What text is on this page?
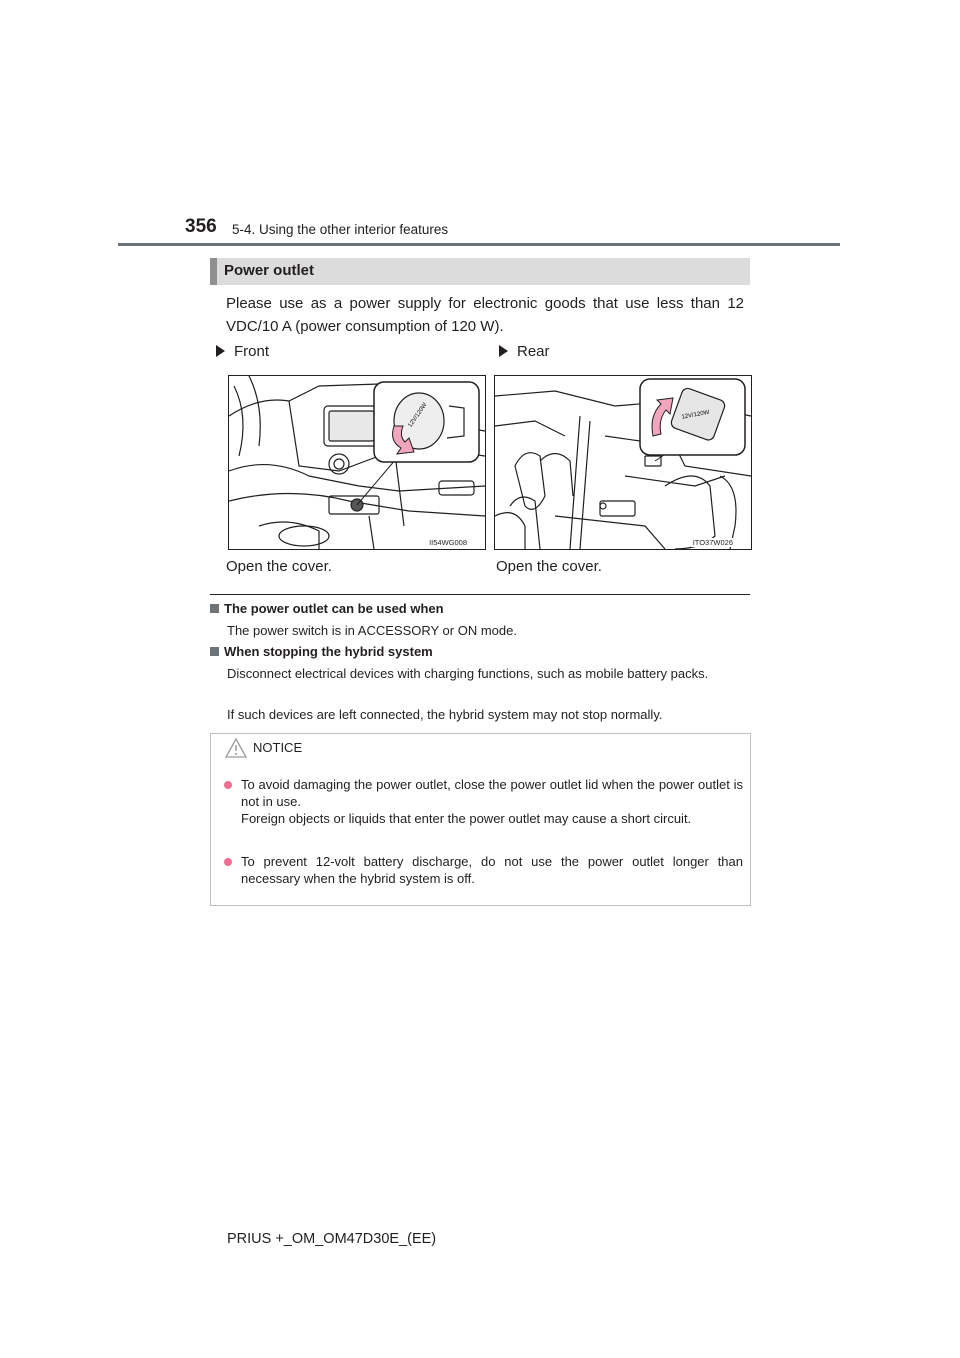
356 5-4. Using the other interior features
Power outlet
Please use as a power supply for electronic goods that use less than 12 VDC/10 A (power consumption of 120 W).
Front	Rear
12V/120W
II54WG008
12V/120W
ITO37W026
Open the cover.	Open the cover.
The power outlet can be used when
The power switch is in ACCESSORY or ON mode.
When stopping the hybrid system
Disconnect electrical devices with charging functions, such as mobile battery packs.
If such devices are left connected, the hybrid system may not stop normally.
NOTICE
To avoid damaging the power outlet, close the power outlet lid when the power outlet is not in use.
Foreign objects or liquids that enter the power outlet may cause a short circuit.
To prevent 12-volt battery discharge, do not use the power outlet longer than necessary when the hybrid system is off.
PRIUS +_OM_OM47D30E_(EE)
